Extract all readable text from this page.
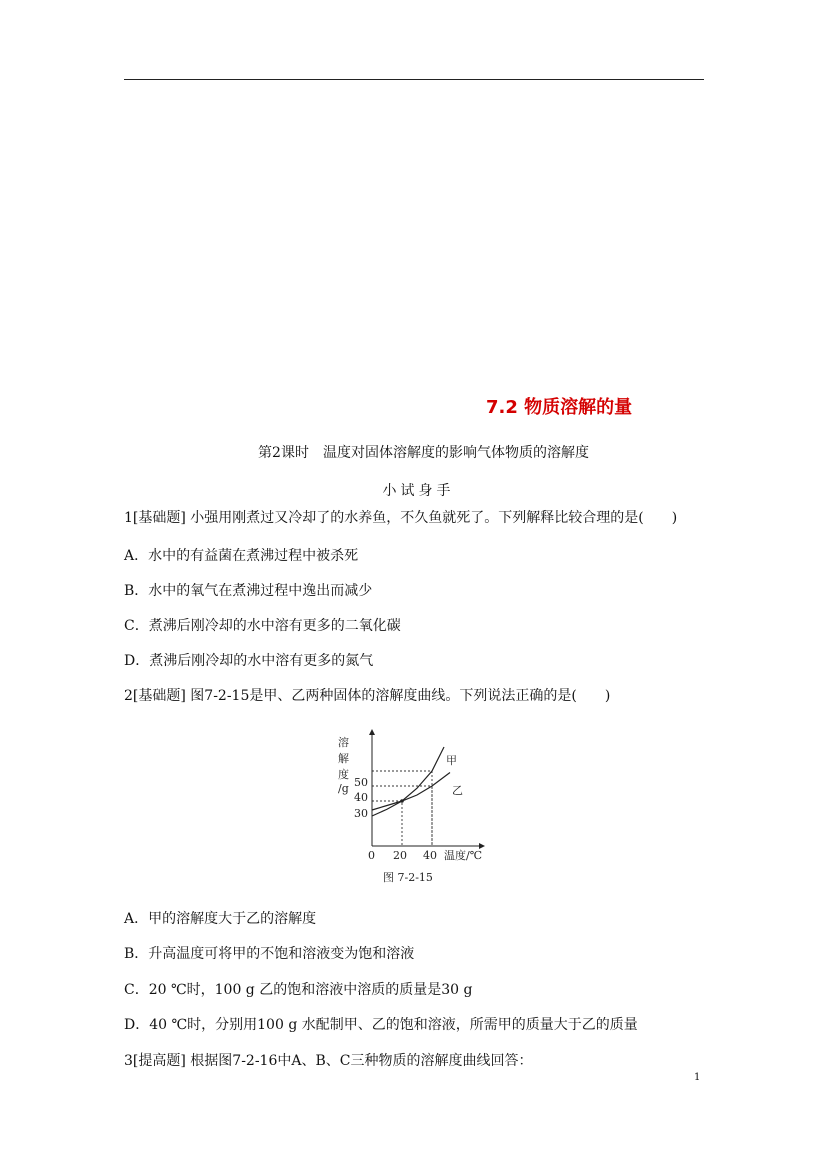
7.2 物质溶解的量
第2课时　温度对固体溶解度的影响气体物质的溶解度
小试身手
1[基础题] 小强用刚煮过又冷却了的水养鱼，不久鱼就死了。下列解释比较合理的是(　　)
A．水中的有益菌在煮沸过程中被杀死
B．水中的氧气在煮沸过程中逸出而减少
C．煮沸后刚冷却的水中溶有更多的二氧化碳
D．煮沸后刚冷却的水中溶有更多的氮气
2[基础题] 图7-2-15是甲、乙两种固体的溶解度曲线。下列说法正确的是(　　)
溶
解
度
/g 50
40
30
0 20 40 温度/℃
甲
乙
图 7-2-15
A．甲的溶解度大于乙的溶解度
B．升高温度可将甲的不饱和溶液变为饱和溶液
C．20 ℃时，100 g 乙的饱和溶液中溶质的质量是30 g
D．40 ℃时，分别用100 g 水配制甲、乙的饱和溶液，所需甲的质量大于乙的质量
3[提高题] 根据图7-2-16中A、B、C三种物质的溶解度曲线回答：
1
